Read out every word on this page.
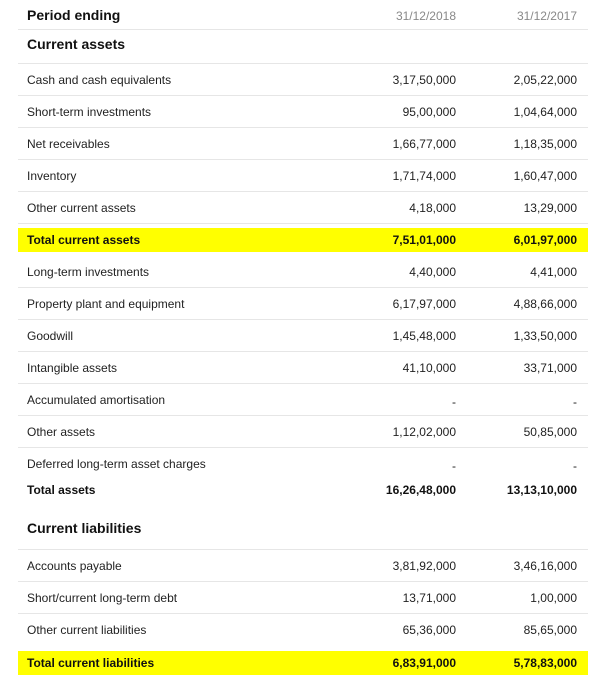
Period ending	31/12/2018	31/12/2017
Current assets
Cash and cash equivalents	3,17,50,000	2,05,22,000
Short-term investments	95,00,000	1,04,64,000
Net receivables	1,66,77,000	1,18,35,000
Inventory	1,71,74,000	1,60,47,000
Other current assets	4,18,000	13,29,000
Total current assets	7,51,01,000	6,01,97,000
Long-term investments	4,40,000	4,41,000
Property plant and equipment	6,17,97,000	4,88,66,000
Goodwill	1,45,48,000	1,33,50,000
Intangible assets	41,10,000	33,71,000
Accumulated amortisation	-	-
Other assets	1,12,02,000	50,85,000
Deferred long-term asset charges	-	-
Total assets	16,26,48,000	13,13,10,000
Current liabilities
Accounts payable	3,81,92,000	3,46,16,000
Short/current long-term debt	13,71,000	1,00,000
Other current liabilities	65,36,000	85,65,000
Total current liabilities	6,83,91,000	5,78,83,000
